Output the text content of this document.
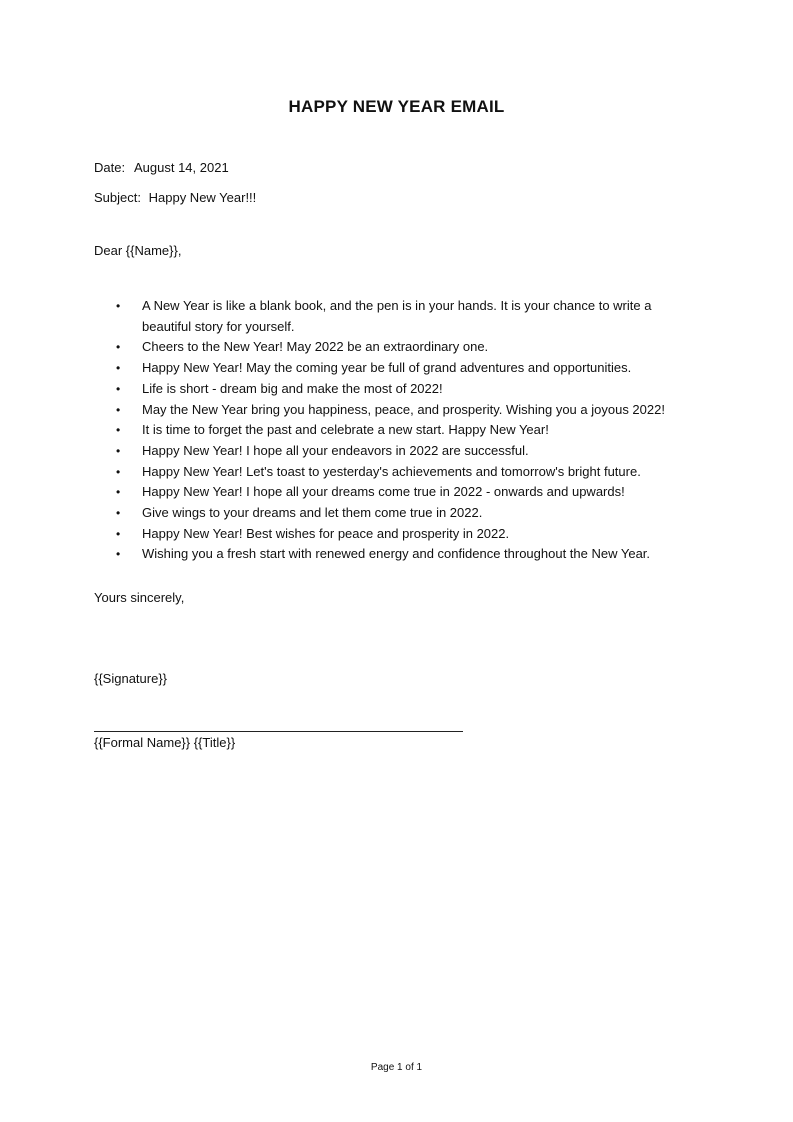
HAPPY NEW YEAR EMAIL
Date: August 14, 2021
Subject: Happy New Year!!!
Dear {{Name}},
• A New Year is like a blank book, and the pen is in your hands. It is your chance to write a beautiful story for yourself.
• Cheers to the New Year! May 2022 be an extraordinary one.
• Happy New Year! May the coming year be full of grand adventures and opportunities.
• Life is short - dream big and make the most of 2022!
• May the New Year bring you happiness, peace, and prosperity. Wishing you a joyous 2022!
• It is time to forget the past and celebrate a new start. Happy New Year!
• Happy New Year! I hope all your endeavors in 2022 are successful.
• Happy New Year! Let's toast to yesterday's achievements and tomorrow's bright future.
• Happy New Year! I hope all your dreams come true in 2022 - onwards and upwards!
• Give wings to your dreams and let them come true in 2022.
• Happy New Year! Best wishes for peace and prosperity in 2022.
• Wishing you a fresh start with renewed energy and confidence throughout the New Year.
Yours sincerely,
{{Signature}}
{{Formal Name}} {{Title}}
Page 1 of 1
